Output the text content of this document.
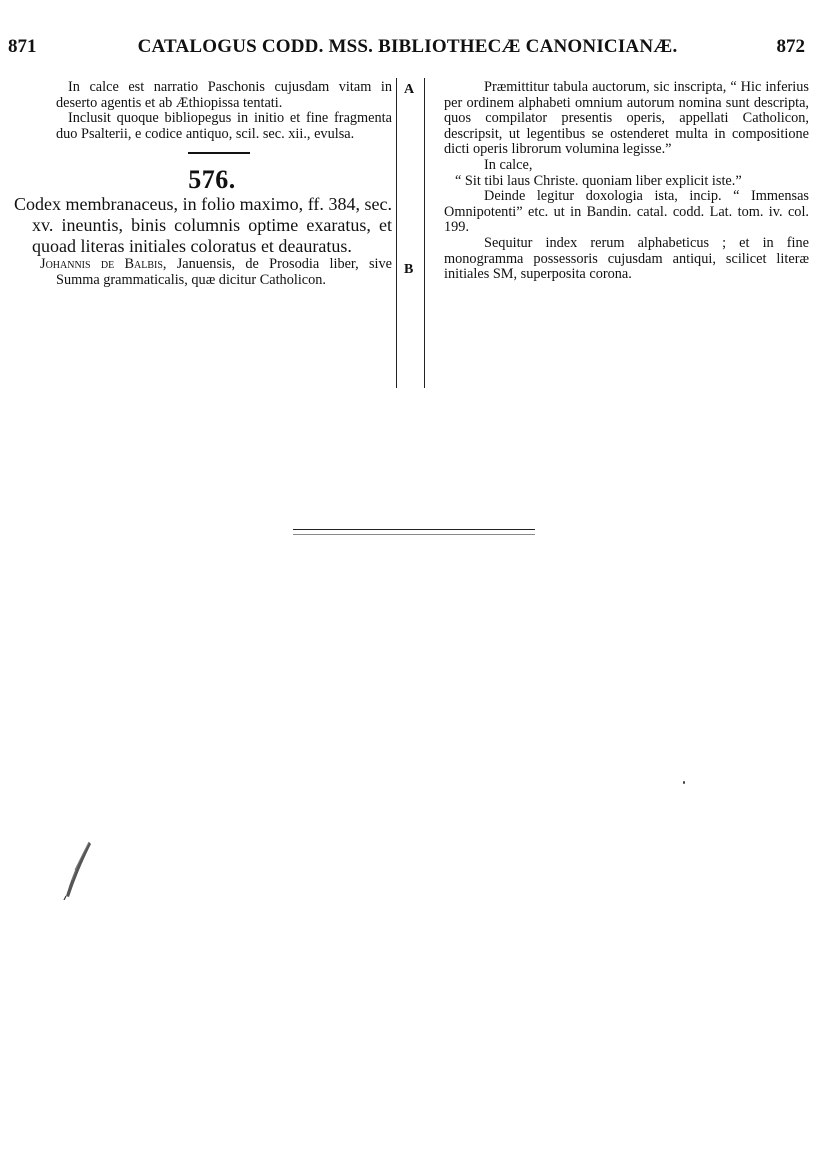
871	CATALOGUS CODD. MSS. BIBLIOTHECÆ CANONICIANÆ.	872

In calce est narratio Paschonis cujusdam vitam in deserto agentis et ab Æthiopissa tentati.

Inclusit quoque bibliopegus in initio et fine fragmenta duo Psalterii, e codice antiquo, scil. sec. xii., evulsa.

576.

Codex membranaceus, in folio maximo, ff. 384, sec. xv. ineuntis, binis columnis optime exaratus, et quoad literas initiales coloratus et deauratus.

Johannis de Balbis, Januensis, de Prosodia liber, sive Summa grammaticalis, quæ dicitur Catholicon.

A
B

Præmittitur tabula auctorum, sic inscripta, “ Hic inferius per ordinem alphabeti omnium autorum nomina sunt descripta, quos compilator presentis operis, appellati Catholicon, descripsit, ut legentibus se ostenderet multa in compositione dicti operis librorum volumina legisse.”

In calce,

“ Sit tibi laus Christe. quoniam liber explicit iste.”

Deinde legitur doxologia ista, incip. “ Immensas Omnipotenti” etc. ut in Bandin. catal. codd. Lat. tom. iv. col. 199.

Sequitur index rerum alphabeticus ; et in fine monogramma possessoris cujusdam antiqui, scilicet literæ initiales SM, superposita corona.
